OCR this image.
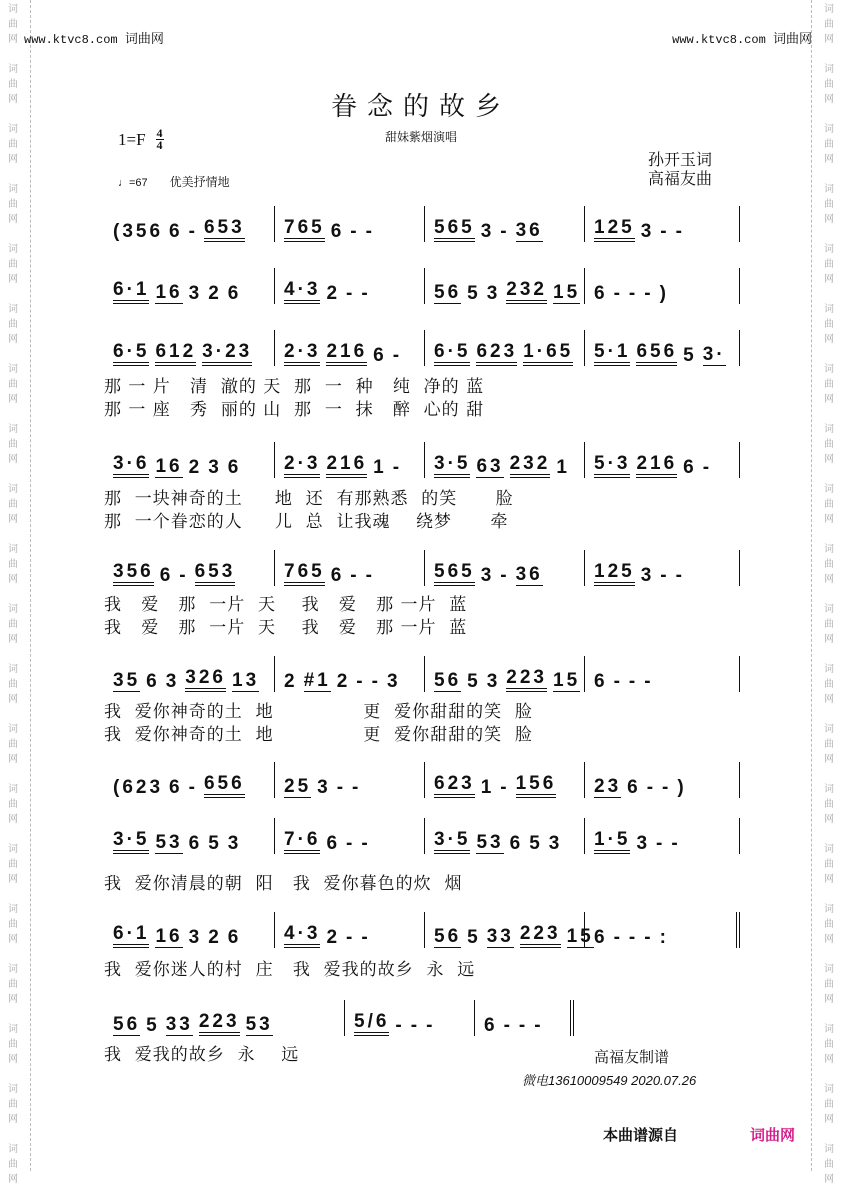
词
曲
网
词
曲
网
词
曲
网
词
曲
网
词
曲
网
词
曲
网
词
曲
网
词
曲
网
词
曲
网
词
曲
网
词
曲
网
词
曲
网
词
曲
网
词
曲
网
词
曲
网
词
曲
网
词
曲
网
词
曲
网
词
曲
网
词
曲
网
词
曲
网
词
曲
网
词
曲
网
词
曲
网
词
曲
网
词
曲
网
词
曲
网
词
曲
网
词
曲
网
词
曲
网
词
曲
网
词
曲
网
词
曲
网
词
曲
网
词
曲
网
词
曲
网
词
曲
网
词
曲
网
词
曲
网
词
曲
网
www.ktvc8.com 词曲网	www.ktvc8.com 词曲网
眷念的故乡
$1=F \frac{4}{4}$	甜妹紫烟演唱
孙开玉词
高福友曲
♩=67 优美抒情地
(356 6 - 653 765 6 - -	565 3 - 36	125 3 - -
6·1 16 3 2 6 4·3 2 - -	56 5 3 232 15 6 - - - )
6·5 612 3·23 2·3 216 6 - 6·5 623 1·65 5·1 656 5 3·
那 一 片   清  澈的 天  那  一  种   纯  净的 蓝
那 一 座   秀  丽的 山  那  一  抹   醉  心的 甜
3·6 16 2 3 6 2·3 216 1 - 3·5 63 232 1 5·3 216 6 -
那  一块神奇的土     地  还  有那熟悉  的笑      脸
那  一个眷恋的人     儿  总  让我魂    绕梦      牵
356 6 - 653	765 6 - -	565 3 - 36	125 3 - -
我   爱   那  一片  天    我   爱   那 一片  蓝
我   爱   那  一片  天    我   爱   那 一片  蓝
35 6 3 326 13 2 #1 2 - - 3 56 5 3 223 15 6 - - -
我  爱你神奇的土  地              更  爱你甜甜的笑  脸
我  爱你神奇的土  地              更  爱你甜甜的笑  脸
(623 6 - 656 25 3 - -	623 1 - 156 23 6 - - )
3·5 53 6 5 3 7·6 6 - -	3·5 53 6 5 3 1·5 3 - -
我  爱你清晨的朝  阳   我  爱你暮色的炊  烟
6·1 16 3 2 6 4·3 2 - -	56 5 33 223 15 6 - - - :
我  爱你迷人的村  庄   我  爱我的故乡  永  远
56 5 33 223 53	5/6 - - -	6 - - -
我  爱我的故乡  永    远	高福友制谱
微电13610009549 2020.07.26
本曲谱源自	词曲网
